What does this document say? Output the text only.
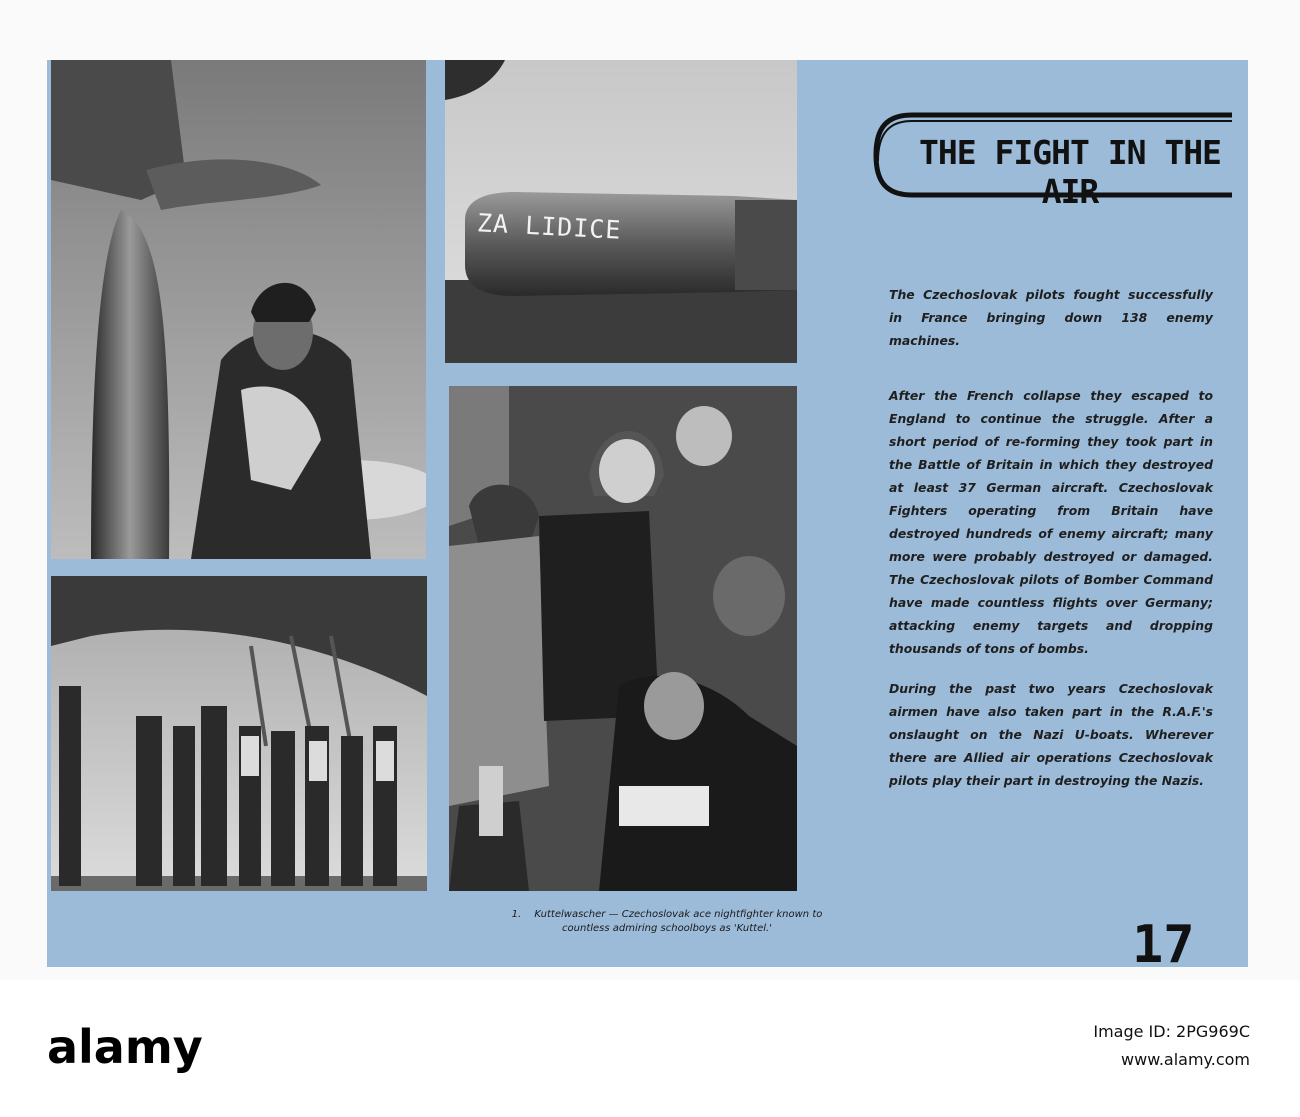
ZA LIDICE
THE FIGHT IN THE AIR

The Czechoslovak pilots fought successfully in France bringing down 138 enemy machines.

After the French collapse they escaped to England to continue the struggle. After a short period of re-forming they took part in the Battle of Britain in which they destroyed at least 37 German aircraft. Czechoslovak Fighters operating from Britain have destroyed hundreds of enemy aircraft; many more were probably destroyed or damaged. The Czechoslovak pilots of Bomber Command have made countless flights over Germany; attacking enemy targets and dropping thousands of tons of bombs.

During the past two years Czechoslovak airmen have also taken part in the R.A.F.'s onslaught on the Nazi U-boats. Wherever there are Allied air operations Czechoslovak pilots play their part in destroying the Nazis.

1. Kuttelwascher — Czechoslovak ace nightfighter known to countless admiring schoolboys as 'Kuttel.'	17
alamy	Image ID: 2PG969C
www.alamy.com
